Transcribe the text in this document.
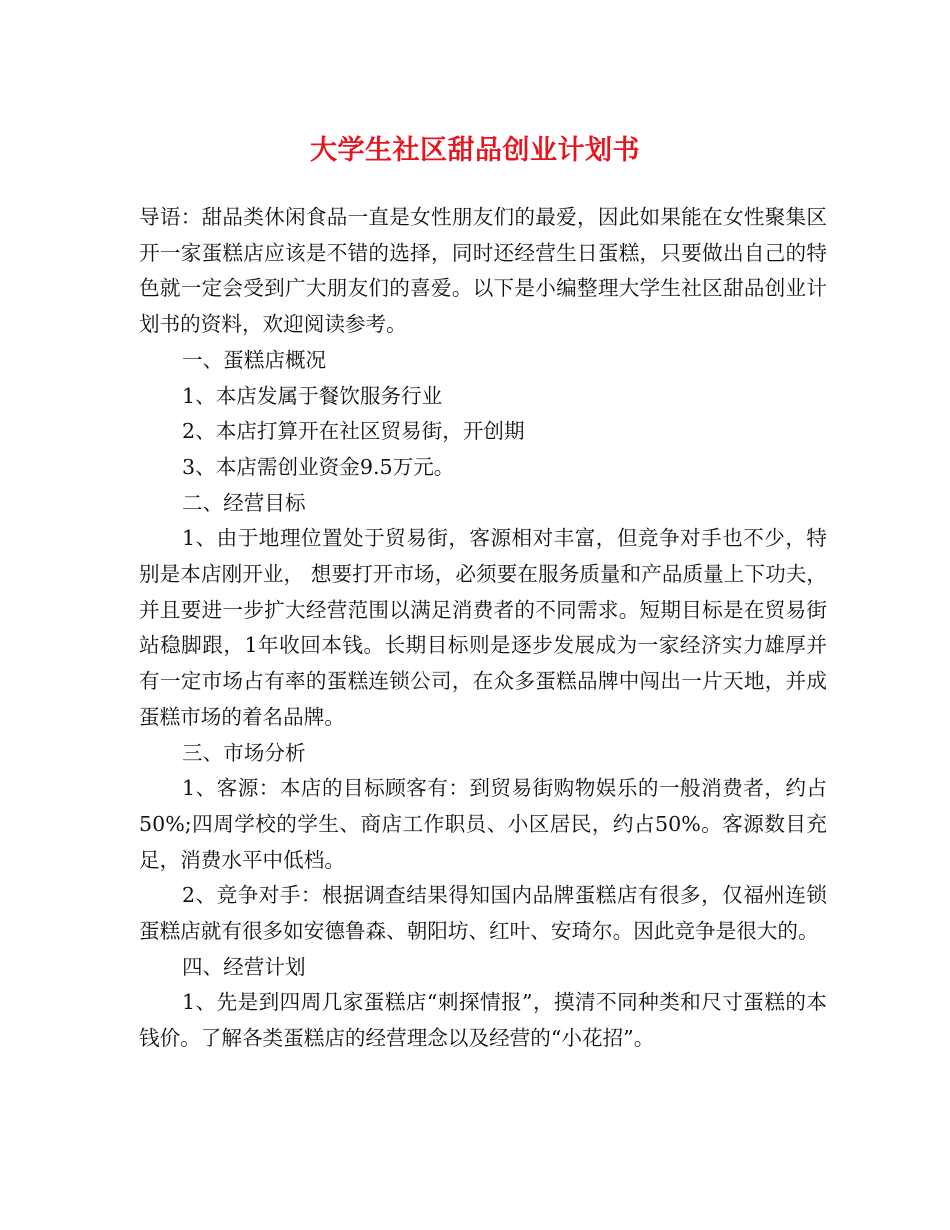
大学生社区甜品创业计划书

导语：甜品类休闲食品一直是女性朋友们的最爱，因此如果能在女性聚集区开一家蛋糕店应该是不错的选择，同时还经营生日蛋糕，只要做出自己的特色就一定会受到广大朋友们的喜爱。以下是小编整理大学生社区甜品创业计划书的资料，欢迎阅读参考。

一、蛋糕店概况

1、本店发属于餐饮服务行业

2、本店打算开在社区贸易街，开创期

3、本店需创业资金9.5万元。

二、经营目标

1、由于地理位置处于贸易街，客源相对丰富，但竞争对手也不少，特别是本店刚开业， 想要打开市场，必须要在服务质量和产品质量上下功夫，并且要进一步扩大经营范围以满足消费者的不同需求。短期目标是在贸易街站稳脚跟，1年收回本钱。长期目标则是逐步发展成为一家经济实力雄厚并有一定市场占有率的蛋糕连锁公司，在众多蛋糕品牌中闯出一片天地，并成蛋糕市场的着名品牌。

三、市场分析

1、客源：本店的目标顾客有：到贸易街购物娱乐的一般消费者，约占50%;四周学校的学生、商店工作职员、小区居民，约占50%。客源数目充足，消费水平中低档。

2、竞争对手：根据调查结果得知国内品牌蛋糕店有很多，仅福州连锁蛋糕店就有很多如安德鲁森、朝阳坊、红叶、安琦尔。因此竞争是很大的。

四、经营计划

1、先是到四周几家蛋糕店“刺探情报”，摸清不同种类和尺寸蛋糕的本钱价。了解各类蛋糕店的经营理念以及经营的“小花招”。
